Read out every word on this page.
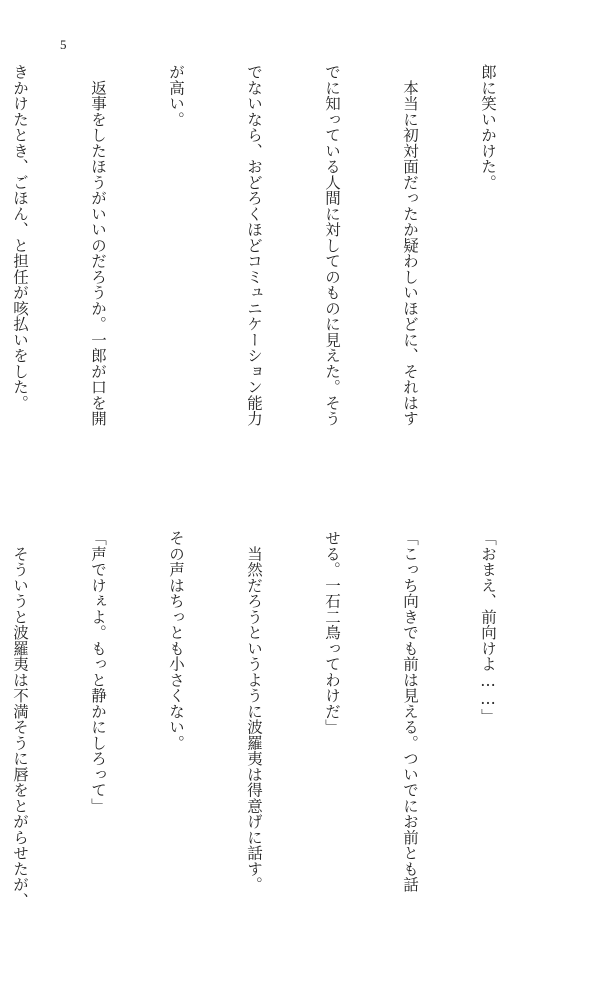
5

郎に笑いかけた。

　本当に初対面だったか疑わしいほどに、それはす

でに知っている人間に対してのものに見えた。そう

でないなら、おどろくほどコミュニケーション能力

が高い。

　返事をしたほうがいいのだろうか。一郎が口を開

きかけたとき、ごほん、と担任が咳払いをした。

「おまえ、前向けよ……」

「こっち向きでも前は見える。ついでにお前とも話

せる。一石二鳥ってわけだ」

　当然だろうというように波羅夷は得意げに話す。

その声はちっとも小さくない。

「声でけぇよ。もっと静かにしろって」

　そういうと波羅夷は不満そうに唇をとがらせたが、
